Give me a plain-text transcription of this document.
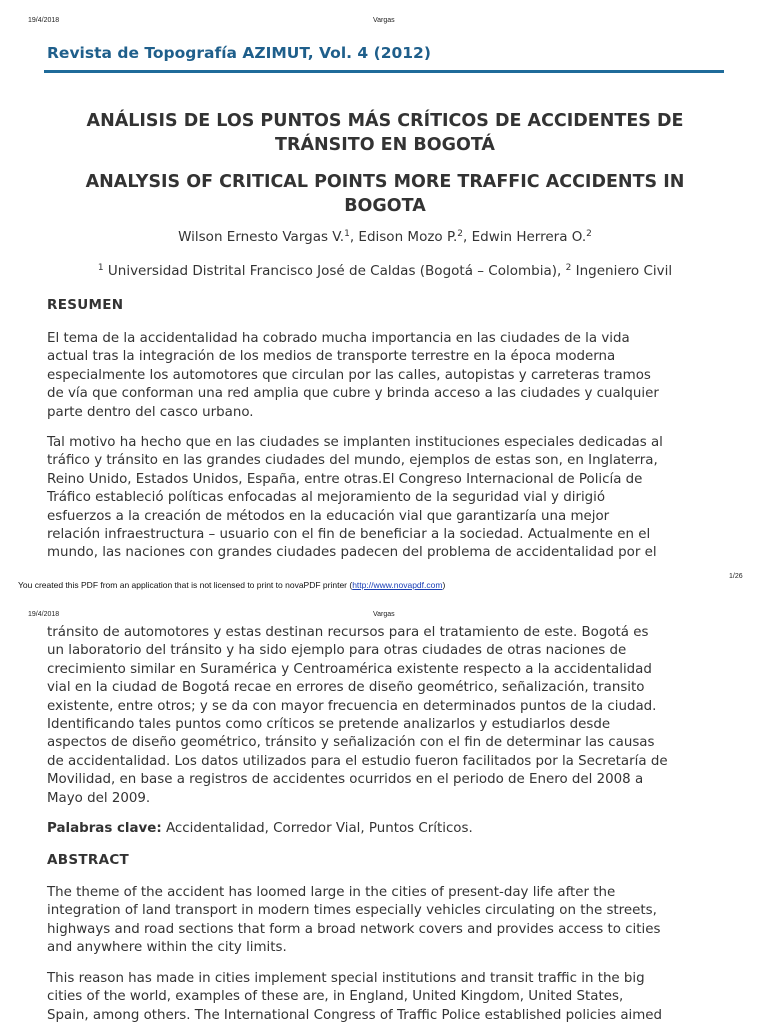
19/4/2018	Vargas
Revista de Topografía AZIMUT, Vol. 4 (2012)
ANÁLISIS DE LOS PUNTOS MÁS CRÍTICOS DE ACCIDENTES DE
TRÁNSITO EN BOGOTÁ
ANALYSIS OF CRITICAL POINTS MORE TRAFFIC ACCIDENTS IN
BOGOTA
Wilson Ernesto Vargas V.$^1$, Edison Mozo P.$^2$, Edwin Herrera O.$^2$
$^1$ Universidad Distrital Francisco José de Caldas (Bogotá – Colombia), $^2$ Ingeniero Civil
RESUMEN

El tema de la accidentalidad ha cobrado mucha importancia en las ciudades de la vida
actual tras la integración de los medios de transporte terrestre en la época moderna
especialmente los automotores que circulan por las calles, autopistas y carreteras tramos
de vía que conforman una red amplia que cubre y brinda acceso a las ciudades y cualquier
parte dentro del casco urbano.

Tal motivo ha hecho que en las ciudades se implanten instituciones especiales dedicadas al
tráfico y tránsito en las grandes ciudades del mundo, ejemplos de estas son, en Inglaterra,
Reino Unido, Estados Unidos, España, entre otras.El Congreso Internacional de Policía de
Tráfico estableció políticas enfocadas al mejoramiento de la seguridad vial y dirigió
esfuerzos a la creación de métodos en la educación vial que garantizaría una mejor
relación infraestructura – usuario con el fin de beneficiar a la sociedad. Actualmente en el
mundo, las naciones con grandes ciudades padecen del problema de accidentalidad por el

You created this PDF from an application that is not licensed to print to novaPDF printer (http://www.novapdf.com)
1/26
19/4/2018	Vargas

tránsito de automotores y estas destinan recursos para el tratamiento de este. Bogotá es
un laboratorio del tránsito y ha sido ejemplo para otras ciudades de otras naciones de
crecimiento similar en Suramérica y Centroamérica existente respecto a la accidentalidad
vial en la ciudad de Bogotá recae en errores de diseño geométrico, señalización, transito
existente, entre otros; y se da con mayor frecuencia en determinados puntos de la ciudad.
Identificando tales puntos como críticos se pretende analizarlos y estudiarlos desde
aspectos de diseño geométrico, tránsito y señalización con el fin de determinar las causas
de accidentalidad. Los datos utilizados para el estudio fueron facilitados por la Secretaría de
Movilidad, en base a registros de accidentes ocurridos en el periodo de Enero del 2008 a
Mayo del 2009.

Palabras clave: Accidentalidad, Corredor Vial, Puntos Críticos.

ABSTRACT

The theme of the accident has loomed large in the cities of present-day life after the
integration of land transport in modern times especially vehicles circulating on the streets,
highways and road sections that form a broad network covers and provides access to cities
and anywhere within the city limits.

This reason has made in cities implement special institutions and transit traffic in the big
cities of the world, examples of these are, in England, United Kingdom, United States,
Spain, among others. The International Congress of Traffic Police established policies aimed
